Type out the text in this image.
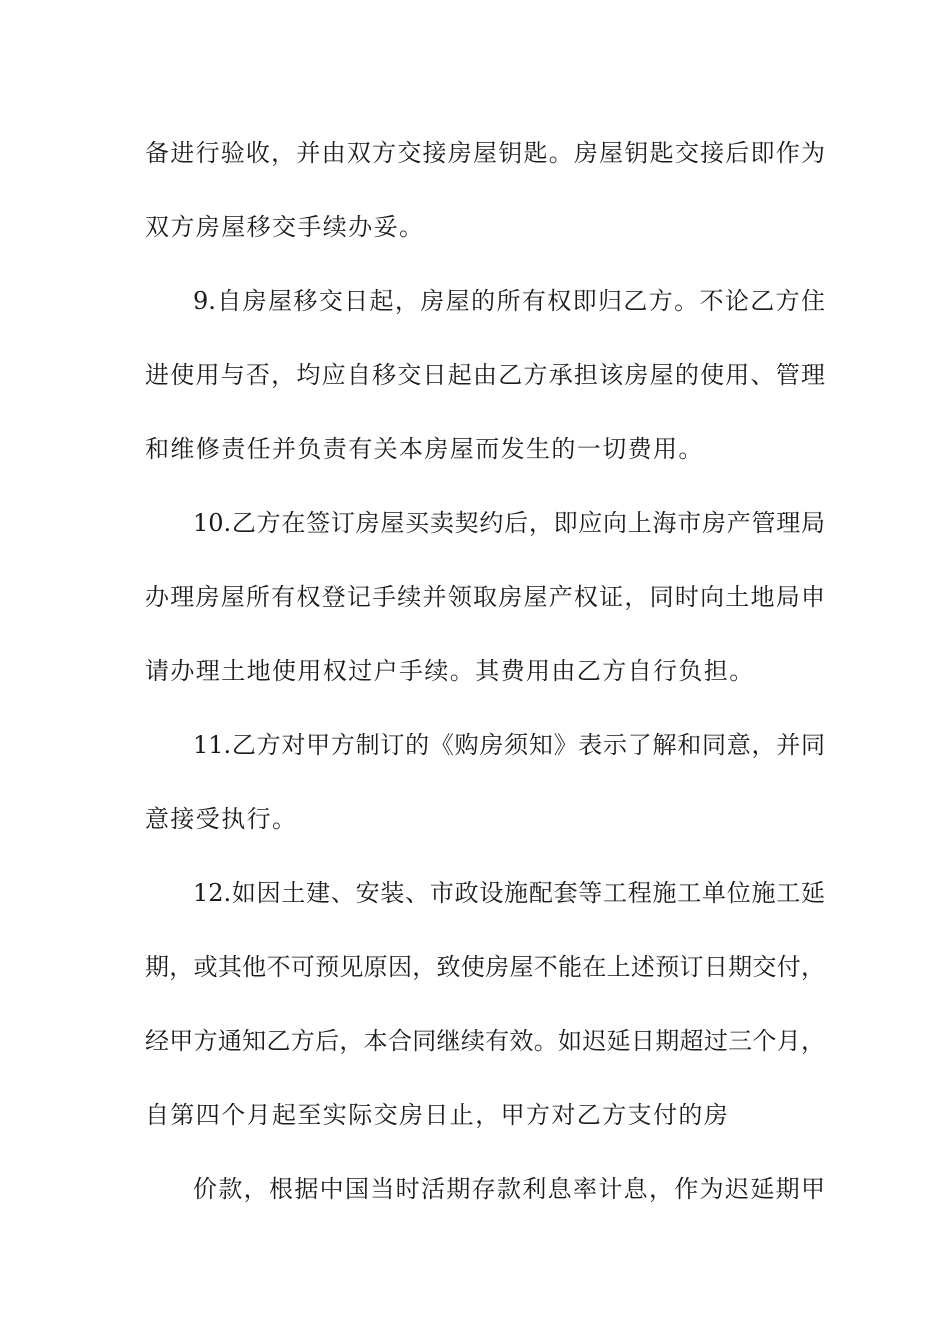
备进行验收，并由双方交接房屋钥匙。房屋钥匙交接后即作为
双方房屋移交手续办妥。
9.自房屋移交日起，房屋的所有权即归乙方。不论乙方住
进使用与否，均应自移交日起由乙方承担该房屋的使用、管理
和维修责任并负责有关本房屋而发生的一切费用。
10.乙方在签订房屋买卖契约后，即应向上海市房产管理局
办理房屋所有权登记手续并领取房屋产权证，同时向土地局申
请办理土地使用权过户手续。其费用由乙方自行负担。
11.乙方对甲方制订的《购房须知》表示了解和同意，并同
意接受执行。
12.如因土建、安装、市政设施配套等工程施工单位施工延
期，或其他不可预见原因，致使房屋不能在上述预订日期交付，
经甲方通知乙方后，本合同继续有效。如迟延日期超过三个月，
自第四个月起至实际交房日止，甲方对乙方支付的房
价款，根据中国当时活期存款利息率计息，作为迟延期甲
